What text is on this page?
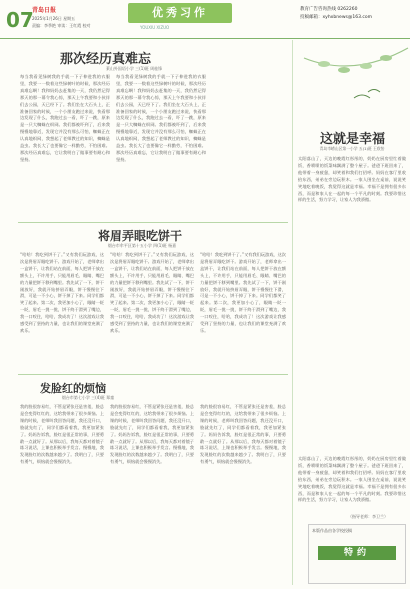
07
青岛日报
2025年1月26日 星期五
责编：李季艳 审读：王红霞 校对
优秀习作
YOUXIU XIZUO
教育广告咨询热线 0262260
投稿邮箱：xyhxbnews@163.com
那次经历真难忘
莱山外国语小学 三(1)班 周桂锋
每当我看见绿树我的手就一下子伸进我的衣服里，我要一一数着这些绿树叶的时候，那次经历真难忘啊！我和妈妈去赶集的一天，我仍然记得那天的那一幕令我心惊，那天上午我要和小伙伴们去公园，天已经下了。我们坐在大石头上，正准备回家的时候，一个小朋友跑过来说，快看那边发现了什么，我跑过去一看，吓了一跳，原来是一只大蜘蛛在织网。我们都被吓到了，后来我慢慢地靠近，发现它并没有那么可怕，蜘蛛正在认真地织网，我想起了老师教过的知识，蜘蛛是益虫。我长大了也要像它一样勤劳，不怕困难。那次经历真难忘，它让我明白了做事要有耐心和坚持。
每当我看见绿树我的手就一下子伸进我的衣服里，我要一一数着这些绿树叶的时候，那次经历真难忘啊！我和妈妈去赶集的一天，我仍然记得那天的那一幕令我心惊，那天上午我要和小伙伴们去公园，天已经下了。我们坐在大石头上，正准备回家的时候，一个小朋友跑过来说，快看那边发现了什么，我跑过去一看，吓了一跳，原来是一只大蜘蛛在织网。我们都被吓到了，后来我慢慢地靠近，发现它并没有那么可怕，蜘蛛正在认真地织网，我想起了老师教过的知识，蜘蛛是益虫。我长大了也要像它一样勤劳，不怕困难。那次经历真难忘，它让我明白了做事要有耐心和坚持。
将眉弄眼吃饼干
烟台市牟平区第十五小学 四(1)班 杨嘉
“哈哈！我吃到饼干了。”又有我们玩游戏，这次是将眉弄眼吃饼干。游戏开始了，老师拿出一盒饼干，让我们站在前面，每人把饼干放在额头上，不许用手，只能用眉毛、眼睛、嘴巴的力量把饼干移到嘴里。我先试了一下，饼干刚放好，我就开始挤眉弄眼，饼干慢慢往下滑，可是一不小心，饼干掉了下来。同学们都笑了起来。第二次，我更加小心了，眼睛一眨一眨，眉毛一挑一挑，饼干终于滑到了嘴边，我一口咬住，哈哈，我成功了！这次游戏让我感受到了坚持的力量，也让我们的课堂充满了欢乐。
“哈哈！我吃到饼干了。”又有我们玩游戏，这次是将眉弄眼吃饼干。游戏开始了，老师拿出一盒饼干，让我们站在前面，每人把饼干放在额头上，不许用手，只能用眉毛、眼睛、嘴巴的力量把饼干移到嘴里。我先试了一下，饼干刚放好，我就开始挤眉弄眼，饼干慢慢往下滑，可是一不小心，饼干掉了下来。同学们都笑了起来。第二次，我更加小心了，眼睛一眨一眨，眉毛一挑一挑，饼干终于滑到了嘴边，我一口咬住，哈哈，我成功了！这次游戏让我感受到了坚持的力量，也让我们的课堂充满了欢乐。
“哈哈！我吃到饼干了。”又有我们玩游戏，这次是将眉弄眼吃饼干。游戏开始了，老师拿出一盒饼干，让我们站在前面，每人把饼干放在额头上，不许用手，只能用眉毛、眼睛、嘴巴的力量把饼干移到嘴里。我先试了一下，饼干刚放好，我就开始挤眉弄眼，饼干慢慢往下滑，可是一不小心，饼干掉了下来。同学们都笑了起来。第二次，我更加小心了，眼睛一眨一眨，眉毛一挑一挑，饼干终于滑到了嘴边，我一口咬住，哈哈，我成功了！这次游戏让我感受到了坚持的力量，也让我们的课堂充满了欢乐。
发脸红的烦恼
烟台市第七小学 三(4)班 郑童
我的脸很容易红，不管是紧张还是害羞，脸总是会变得红红的，这给我带来了很多烦恼。上课的时候，老师叫我回答问题，我还没开口，脸就先红了，同学们都看着我，我更加紧张了。妈妈告诉我，脸红是很正常的事，只要勇敢一点就好了。从那以后，我每天都对着镜子练习说话，上课也积极举手发言。慢慢地，我发现脸红的次数越来越少了。我明白了，只要有勇气，烦恼就会慢慢消失。
我的脸很容易红，不管是紧张还是害羞，脸总是会变得红红的，这给我带来了很多烦恼。上课的时候，老师叫我回答问题，我还没开口，脸就先红了，同学们都看着我，我更加紧张了。妈妈告诉我，脸红是很正常的事，只要勇敢一点就好了。从那以后，我每天都对着镜子练习说话，上课也积极举手发言。慢慢地，我发现脸红的次数越来越少了。我明白了，只要有勇气，烦恼就会慢慢消失。
我的脸很容易红，不管是紧张还是害羞，脸总是会变得红红的，这给我带来了很多烦恼。上课的时候，老师叫我回答问题，我还没开口，脸就先红了，同学们都看着我，我更加紧张了。妈妈告诉我，脸红是很正常的事，只要勇敢一点就好了。从那以后，我每天都对着镜子练习说话，上课也积极举手发言。慢慢地，我发现脸红的次数越来越少了。我明白了，只要有勇气，烦恼就会慢慢消失。
这就是幸福
青岛市崂山区第一小学 五(1)班 王欣怡
太阳落山了，天边的晚霞红彤彤的，奶奶在厨房里忙着做饭，香喷喷的饭菜味飘满了整个屋子。爸爸下班回来了，他带着一身疲惫，却笑着和我们打招呼。妈妈在客厅里收拾东西，弟弟在旁边玩积木。一家人围坐在桌前，说说笑笑地吃着晚饭，我觉得这就是幸福。幸福不是拥有很多东西，而是和家人在一起的每一个平凡的时刻。我要珍惜这样的生活，努力学习，让家人为我骄傲。
太阳落山了，天边的晚霞红彤彤的，奶奶在厨房里忙着做饭，香喷喷的饭菜味飘满了整个屋子。爸爸下班回来了，他带着一身疲惫，却笑着和我们打招呼。妈妈在客厅里收拾东西，弟弟在旁边玩积木。一家人围坐在桌前，说说笑笑地吃着晚饭，我觉得这就是幸福。幸福不是拥有很多东西，而是和家人在一起的每一个平凡的时刻。我要珍惜这样的生活，努力学习，让家人为我骄傲。
（指导老师：李卫兰）
本版作品由各学校投稿
特约
